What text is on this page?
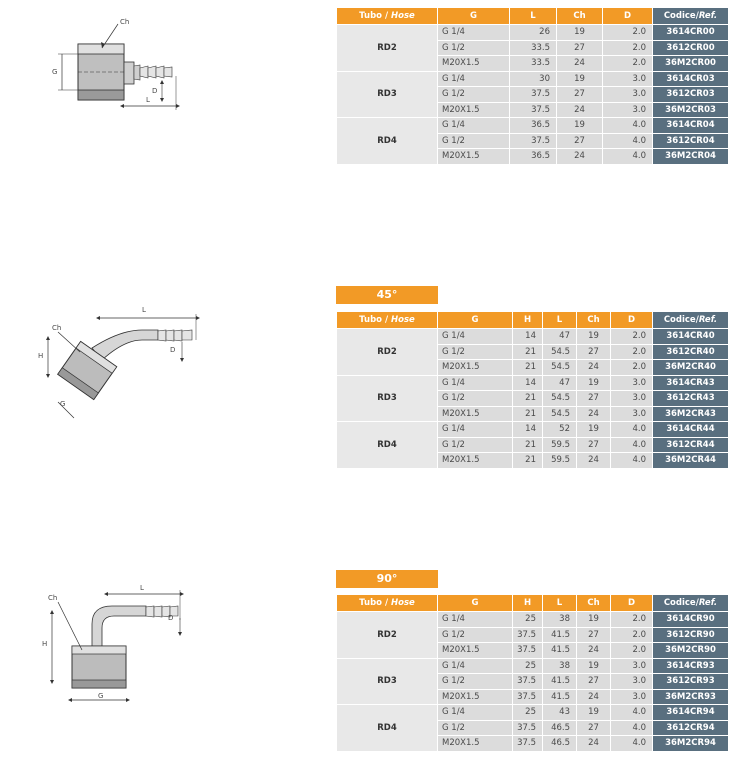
Ch
G
D
L
L
Ch
H
D
G
L
Ch
H
D
G
Tubo / Hose	G	L	Ch	D	Codice/Ref.
RD2	G 1/4	26	19	2.0	3614CR00
	G 1/2	33.5	27	2.0	3612CR00
	M20X1.5	33.5	24	2.0	36M2CR00
RD3	G 1/4	30	19	3.0	3614CR03
	G 1/2	37.5	27	3.0	3612CR03
	M20X1.5	37.5	24	3.0	36M2CR03
RD4	G 1/4	36.5	19	4.0	3614CR04
	G 1/2	37.5	27	4.0	3612CR04
	M20X1.5	36.5	24	4.0	36M2CR04
45°
Tubo / Hose	G	H	L	Ch	D	Codice/Ref.
RD2	G 1/4	14	47	19	2.0	3614CR40
	G 1/2	21	54.5	27	2.0	3612CR40
	M20X1.5	21	54.5	24	2.0	36M2CR40
RD3	G 1/4	14	47	19	3.0	3614CR43
	G 1/2	21	54.5	27	3.0	3612CR43
	M20X1.5	21	54.5	24	3.0	36M2CR43
RD4	G 1/4	14	52	19	4.0	3614CR44
	G 1/2	21	59.5	27	4.0	3612CR44
	M20X1.5	21	59.5	24	4.0	36M2CR44
90°
Tubo / Hose	G	H	L	Ch	D	Codice/Ref.
RD2	G 1/4	25	38	19	2.0	3614CR90
	G 1/2	37.5	41.5	27	2.0	3612CR90
	M20X1.5	37.5	41.5	24	2.0	36M2CR90
RD3	G 1/4	25	38	19	3.0	3614CR93
	G 1/2	37.5	41.5	27	3.0	3612CR93
	M20X1.5	37.5	41.5	24	3.0	36M2CR93
RD4	G 1/4	25	43	19	4.0	3614CR94
	G 1/2	37.5	46.5	27	4.0	3612CR94
	M20X1.5	37.5	46.5	24	4.0	36M2CR94
